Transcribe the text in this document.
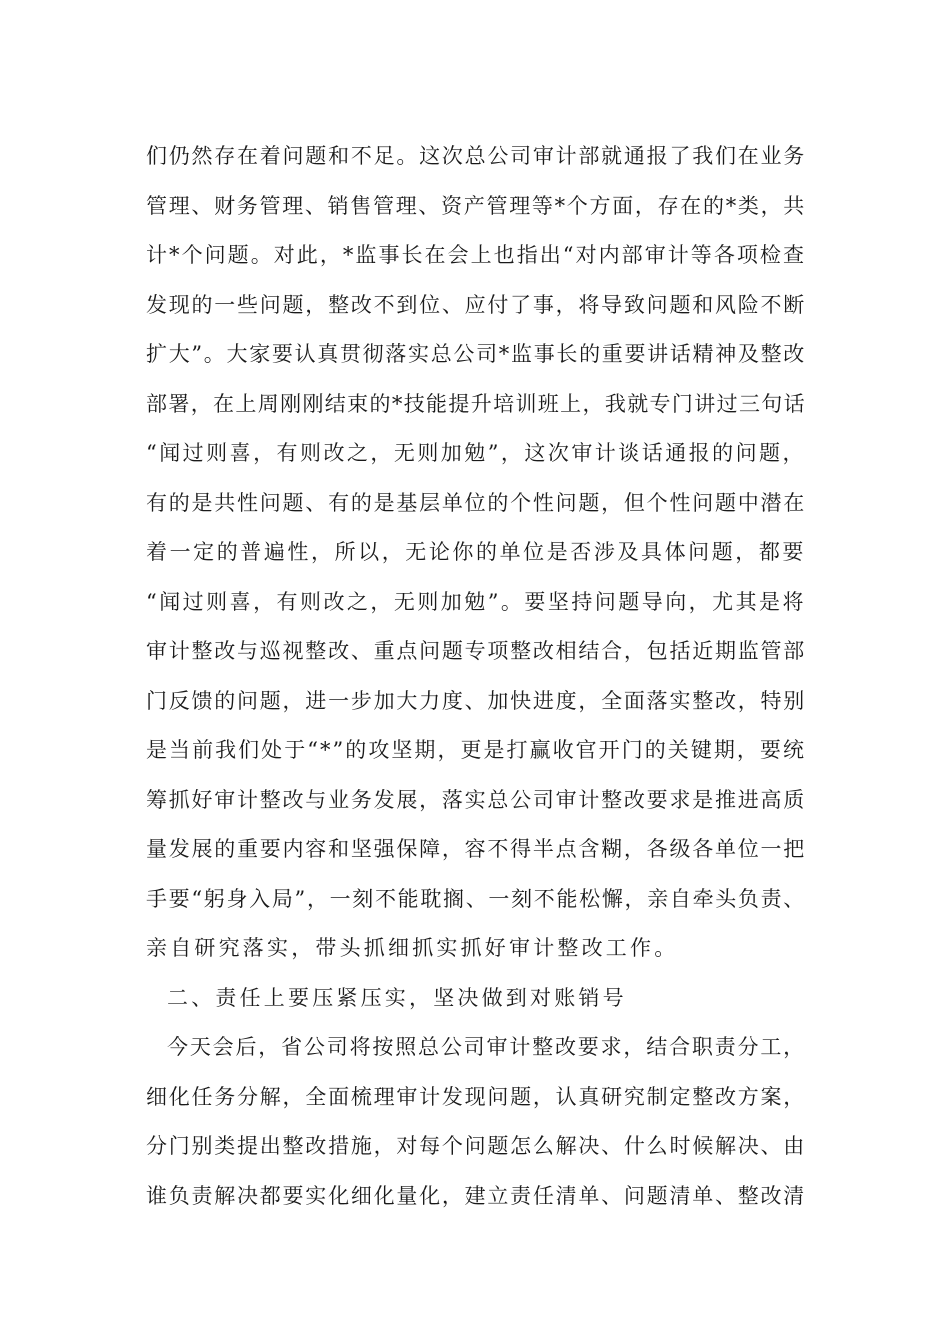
们仍然存在着问题和不足。这次总公司审计部就通报了我们在业务
管理、财务管理、销售管理、资产管理等*个方面，存在的*类，共
计*个问题。对此，*监事长在会上也指出“对内部审计等各项检查
发现的一些问题，整改不到位、应付了事，将导致问题和风险不断
扩大”。大家要认真贯彻落实总公司*监事长的重要讲话精神及整改
部署，在上周刚刚结束的*技能提升培训班上，我就专门讲过三句话
“闻过则喜，有则改之，无则加勉”，这次审计谈话通报的问题，
有的是共性问题、有的是基层单位的个性问题，但个性问题中潜在
着一定的普遍性，所以，无论你的单位是否涉及具体问题，都要
“闻过则喜，有则改之，无则加勉”。要坚持问题导向，尤其是将
审计整改与巡视整改、重点问题专项整改相结合，包括近期监管部
门反馈的问题，进一步加大力度、加快进度，全面落实整改，特别
是当前我们处于“*”的攻坚期，更是打赢收官开门的关键期，要统
筹抓好审计整改与业务发展，落实总公司审计整改要求是推进高质
量发展的重要内容和坚强保障，容不得半点含糊，各级各单位一把
手要“躬身入局”，一刻不能耽搁、一刻不能松懈，亲自牵头负责、
亲自研究落实，带头抓细抓实抓好审计整改工作。
二、责任上要压紧压实，坚决做到对账销号
今天会后，省公司将按照总公司审计整改要求，结合职责分工，
细化任务分解，全面梳理审计发现问题，认真研究制定整改方案，
分门别类提出整改措施，对每个问题怎么解决、什么时候解决、由
谁负责解决都要实化细化量化，建立责任清单、问题清单、整改清
